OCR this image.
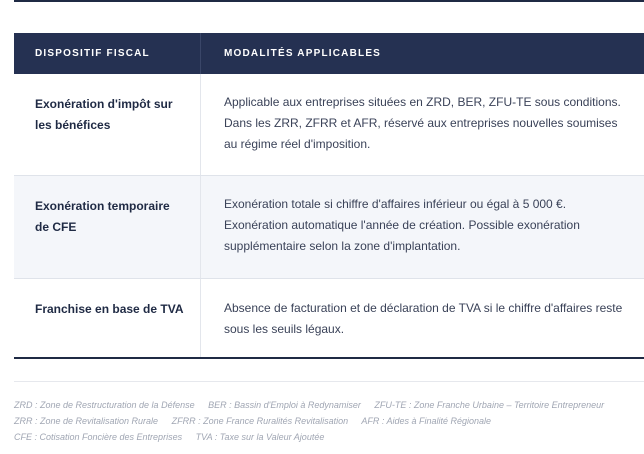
DISPOSITIF FISCAL	MODALITÉS APPLICABLES
Exonération d'impôt sur les bénéfices
Applicable aux entreprises situées en ZRD, BER, ZFU-TE sous conditions. Dans les ZRR, ZFRR et AFR, réservé aux entreprises nouvelles soumises au régime réel d'imposition.
Exonération temporaire de CFE
Exonération totale si chiffre d'affaires inférieur ou égal à 5 000 €. Exonération automatique l'année de création. Possible exonération supplémentaire selon la zone d'implantation.
Franchise en base de TVA	Absence de facturation et de déclaration de TVA si le chiffre d'affaires reste sous les seuils légaux.
ZRD : Zone de Restructuration de la Défense BER : Bassin d'Emploi à Redynamiser ZFU-TE : Zone Franche Urbaine – Territoire Entrepreneur
ZRR : Zone de Revitalisation Rurale ZFRR : Zone France Ruralités Revitalisation AFR : Aides à Finalité Régionale
CFE : Cotisation Foncière des Entreprises TVA : Taxe sur la Valeur Ajoutée
